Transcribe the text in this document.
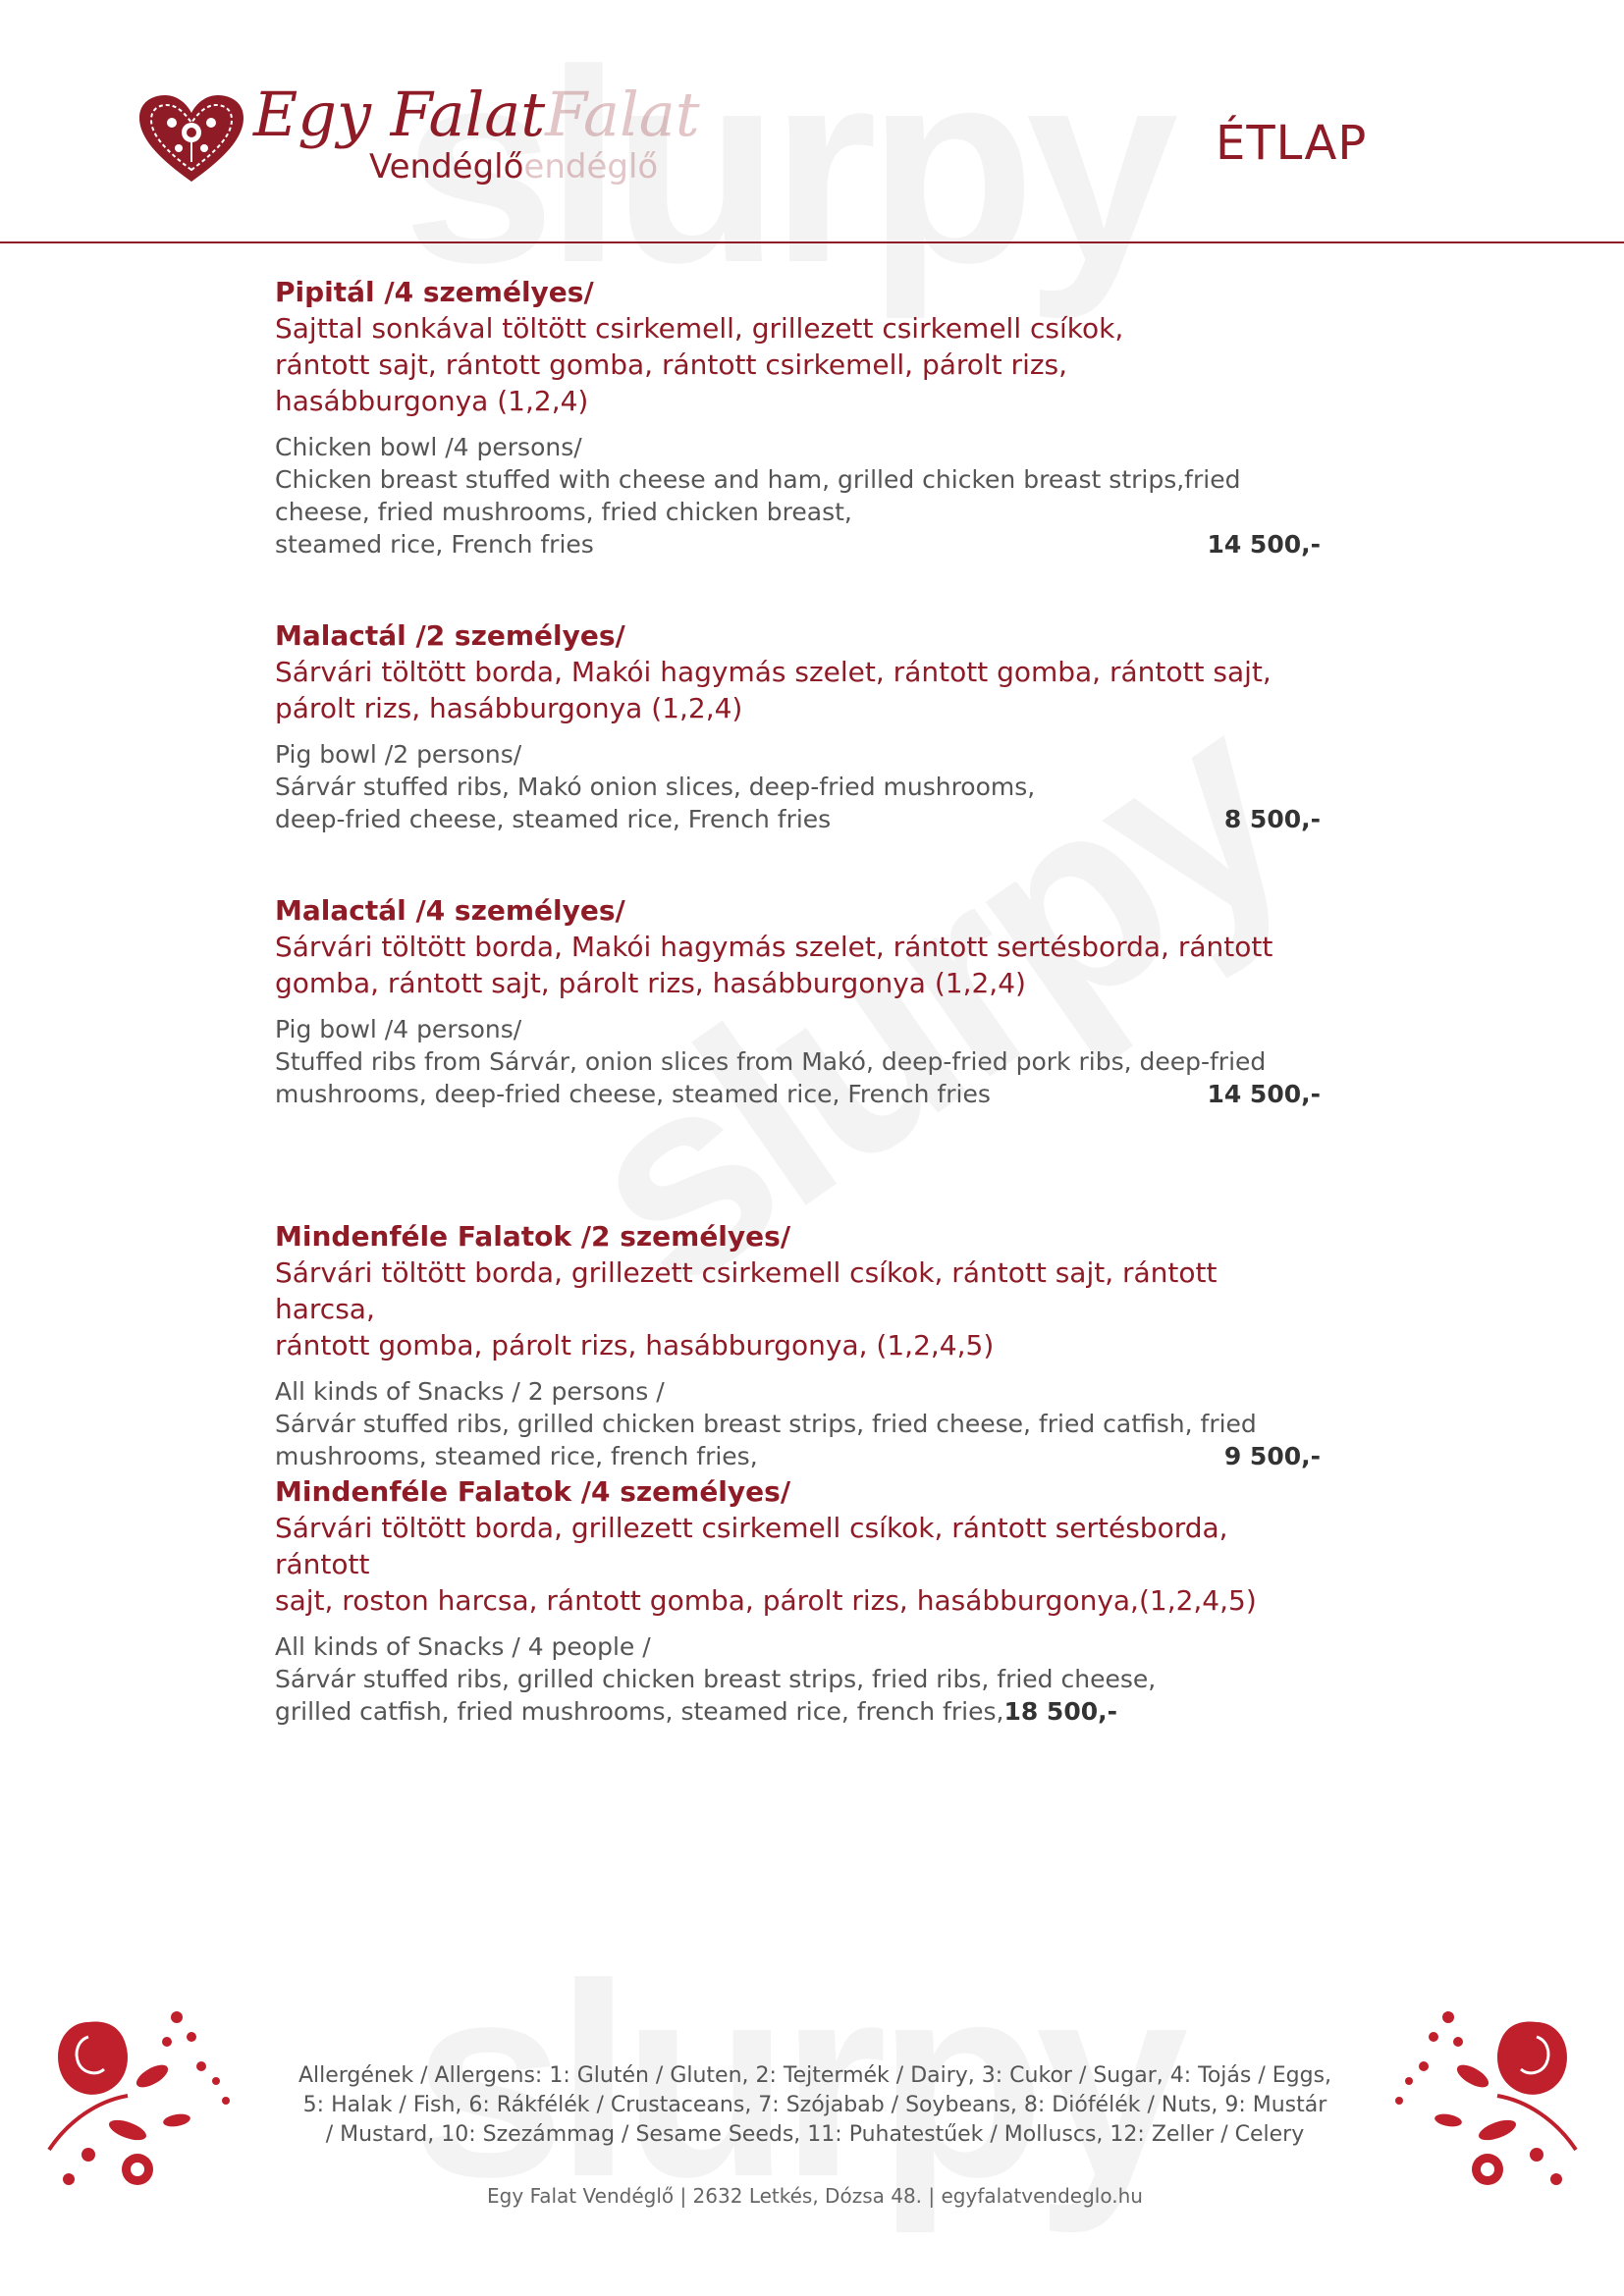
Egy FalatFalat
Vendéglőendéglő	ÉTLAP
Pipitál /4 személyes/
Sajttal sonkával töltött csirkemell, grillezett csirkemell csíkok,
rántott sajt, rántott gomba, rántott csirkemell, párolt rizs,
hasábburgonya (1,2,4)
Chicken bowl /4 persons/
Chicken breast stuffed with cheese and ham, grilled chicken breast strips,fried
cheese, fried mushrooms, fried chicken breast,
steamed rice, French fries	14 500,-
Malactál /2 személyes/
Sárvári töltött borda, Makói hagymás szelet, rántott gomba, rántott sajt,
párolt rizs, hasábburgonya (1,2,4)
Pig bowl /2 persons/
Sárvár stuffed ribs, Makó onion slices, deep-fried mushrooms,
deep-fried cheese, steamed rice, French fries	8 500,-
Malactál /4 személyes/
Sárvári töltött borda, Makói hagymás szelet, rántott sertésborda, rántott
gomba, rántott sajt, párolt rizs, hasábburgonya (1,2,4)
Pig bowl /4 persons/
Stuffed ribs from Sárvár, onion slices from Makó, deep-fried pork ribs, deep-fried
mushrooms, deep-fried cheese, steamed rice, French fries	14 500,-
Mindenféle Falatok /2 személyes/
Sárvári töltött borda, grillezett csirkemell csíkok, rántott sajt, rántott harcsa,
rántott gomba, párolt rizs, hasábburgonya, (1,2,4,5)
All kinds of Snacks / 2 persons /
Sárvár stuffed ribs, grilled chicken breast strips, fried cheese, fried catfish, fried
mushrooms, steamed rice, french fries,	9 500,-
Mindenféle Falatok /4 személyes/
Sárvári töltött borda, grillezett csirkemell csíkok, rántott sertésborda, rántott
sajt, roston harcsa, rántott gomba, párolt rizs, hasábburgonya,(1,2,4,5)
All kinds of Snacks / 4 people /
Sárvár stuffed ribs, grilled chicken breast strips, fried ribs, fried cheese,
grilled catfish, fried mushrooms, steamed rice, french fries,18 500,-
Allergének / Allergens: 1: Glutén / Gluten, 2: Tejtermék / Dairy, 3: Cukor / Sugar, 4: Tojás / Eggs,
5: Halak / Fish, 6: Rákfélék / Crustaceans, 7: Szójabab / Soybeans, 8: Diófélék / Nuts, 9: Mustár
/ Mustard, 10: Szezámmag / Sesame Seeds, 11: Puhatestűek / Molluscs, 12: Zeller / Celery
Egy Falat Vendéglő | 2632 Letkés, Dózsa 48. | egyfalatvendeglo.hu
